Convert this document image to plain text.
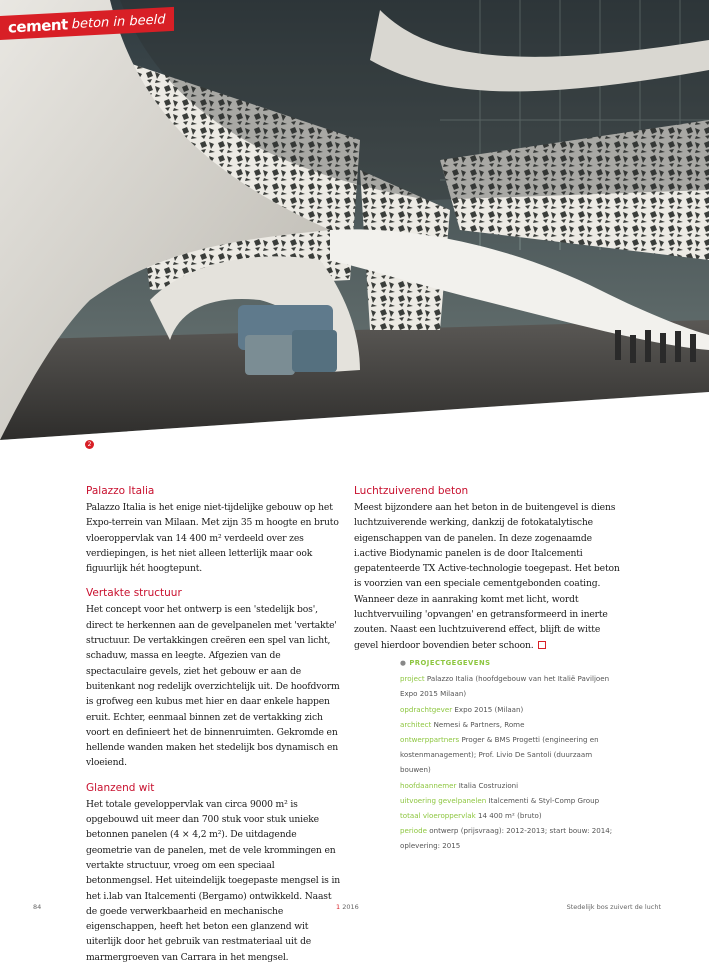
cement beton in beeld
2
Palazzo Italia

Palazzo Italia is het enige niet-tijdelijke gebouw op het Expo-terrein van Milaan. Met zijn 35 m hoogte en bruto vloeroppervlak van 14 400 m² verdeeld over zes verdiepingen, is het niet alleen letterlijk maar ook figuurlijk hét hoogtepunt.

Vertakte structuur

Het concept voor het ontwerp is een 'stedelijk bos', direct te herkennen aan de gevelpanelen met 'vertakte' structuur. De vertakkingen creëren een spel van licht, schaduw, massa en leegte. Afgezien van de spectaculaire gevels, ziet het gebouw er aan de buitenkant nog redelijk overzichtelijk uit. De hoofdvorm is grofweg een kubus met hier en daar enkele happen eruit. Echter, eenmaal binnen zet de vertakking zich voort en definieert het de binnenruimten. Gekromde en hellende wanden maken het stedelijk bos dynamisch en vloeiend.

Glanzend wit

Het totale geveloppervlak van circa 9000 m² is opgebouwd uit meer dan 700 stuk voor stuk unieke betonnen panelen (4 × 4,2 m²). De uitdagende geometrie van de panelen, met de vele krommingen en vertakte structuur, vroeg om een speciaal betonmengsel. Het uiteindelijk toegepaste mengsel is in het i.lab van Italcementi (Bergamo) ontwikkeld. Naast de goede verwerkbaarheid en mechanische eigenschappen, heeft het beton een glanzend wit uiterlijk door het gebruik van restmateriaal uit de marmergroeven van Carrara in het mengsel.

Luchtzuiverend beton

Meest bijzondere aan het beton in de buitengevel is diens luchtzuiverende werking, dankzij de fotokatalytische eigenschappen van de panelen. In deze zogenaamde i.active Biodynamic panelen is de door Italcementi gepatenteerde TX Active-technologie toegepast. Het beton is voorzien van een speciale cementgebonden coating. Wanneer deze in aanraking komt met licht, wordt luchtvervuiling 'opvangen' en getransformeerd in inerte zouten. Naast een luchtzuiverend effect, blijft de witte gevel hierdoor bovendien beter schoon.

● PROJECTGEGEVENS
project Palazzo Italia (hoofdgebouw van het Italië Paviljoen Expo 2015 Milaan)
opdrachtgever Expo 2015 (Milaan)
architect Nemesi & Partners, Rome
ontwerppartners Proger & BMS Progetti (engineering en kostenmanagement); Prof. Livio De Santoli (duurzaam bouwen)
hoofdaannemer Italia Costruzioni
uitvoering gevelpanelen Italcementi & Styl-Comp Group
totaal vloeroppervlak 14 400 m² (bruto)
periode ontwerp (prijsvraag): 2012-2013; start bouw: 2014; oplevering: 2015
84	1 2016	Stedelijk bos zuivert de lucht
